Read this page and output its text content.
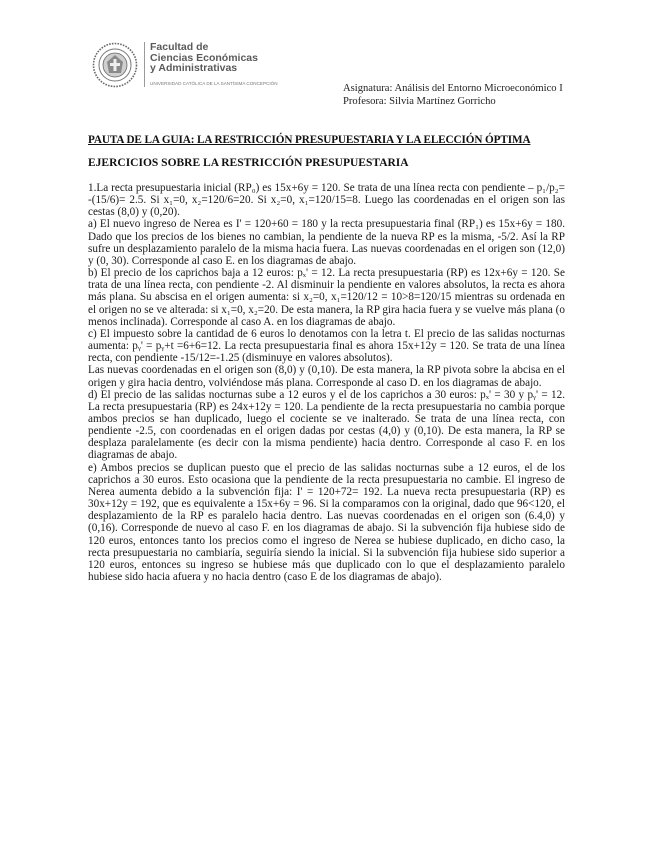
Facultad de
Ciencias Económicas
y Administrativas
UNIVERSIDAD CATÓLICA DE LA SANTÍSIMA CONCEPCIÓN	Asignatura: Análisis del Entorno Microeconómico I
Profesora: Silvia Martínez Gorricho
PAUTA DE LA GUIA: LA RESTRICCIÓN PRESUPUESTARIA Y LA ELECCIÓN ÓPTIMA
EJERCICIOS SOBRE LA RESTRICCIÓN PRESUPUESTARIA

1.La recta presupuestaria inicial (RP₀) es 15x+6y = 120. Se trata de una línea recta con pendiente – p₁/p₂= -(15/6)= 2.5. Si x₁=0, x₂=120/6=20. Si x₂=0, x₁=120/15=8. Luego las coordenadas en el origen son las cestas (8,0) y (0,20).

a) El nuevo ingreso de Nerea es I' = 120+60 = 180 y la recta presupuestaria final (RP₁) es 15x+6y = 180. Dado que los precios de los bienes no cambian, la pendiente de la nueva RP es la misma, -5/2. Así la RP sufre un desplazamiento paralelo de la misma hacia fuera. Las nuevas coordenadas en el origen son (12,0) y (0, 30). Corresponde al caso E. en los diagramas de abajo.

b) El precio de los caprichos baja a 12 euros: pₓ' = 12. La recta presupuestaria (RP) es 12x+6y = 120. Se trata de una línea recta, con pendiente -2. Al disminuir la pendiente en valores absolutos, la recta es ahora más plana. Su abscisa en el origen aumenta: si x₂=0, x₁=120/12 = 10>8=120/15 mientras su ordenada en el origen no se ve alterada: si x₁=0, x₂=20. De esta manera, la RP gira hacia fuera y se vuelve más plana (o menos inclinada). Corresponde al caso A. en los diagramas de abajo.

c) El impuesto sobre la cantidad de 6 euros lo denotamos con la letra t. El precio de las salidas nocturnas aumenta: pᵧ' = pᵧ+t =6+6=12. La recta presupuestaria final es ahora 15x+12y = 120. Se trata de una línea recta, con pendiente -15/12=-1.25 (disminuye en valores absolutos).

Las nuevas coordenadas en el origen son (8,0) y (0,10). De esta manera, la RP pivota sobre la abcisa en el origen y gira hacia dentro, volviéndose más plana. Corresponde al caso D. en los diagramas de abajo.

d) El precio de las salidas nocturnas sube a 12 euros y el de los caprichos a 30 euros: pₓ' = 30 y pᵧ' = 12. La recta presupuestaria (RP) es 24x+12y = 120. La pendiente de la recta presupuestaria no cambia porque ambos precios se han duplicado, luego el cociente se ve inalterado. Se trata de una línea recta, con pendiente -2.5, con coordenadas en el origen dadas por cestas (4,0) y (0,10). De esta manera, la RP se desplaza paralelamente (es decir con la misma pendiente) hacia dentro. Corresponde al caso F. en los diagramas de abajo.

e) Ambos precios se duplican puesto que el precio de las salidas nocturnas sube a 12 euros, el de los caprichos a 30 euros. Esto ocasiona que la pendiente de la recta presupuestaria no cambie. El ingreso de Nerea aumenta debido a la subvención fija: I' = 120+72= 192. La nueva recta presupuestaria (RP) es 30x+12y = 192, que es equivalente a 15x+6y = 96. Si la comparamos con la original, dado que 96<120, el desplazamiento de la RP es paralelo hacia dentro. Las nuevas coordenadas en el origen son (6.4,0) y (0,16). Corresponde de nuevo al caso F. en los diagramas de abajo. Si la subvención fija hubiese sido de 120 euros, entonces tanto los precios como el ingreso de Nerea se hubiese duplicado, en dicho caso, la recta presupuestaria no cambiaría, seguiría siendo la inicial. Si la subvención fija hubiese sido superior a 120 euros, entonces su ingreso se hubiese más que duplicado con lo que el desplazamiento paralelo hubiese sido hacia afuera y no hacia dentro (caso E de los diagramas de abajo).
